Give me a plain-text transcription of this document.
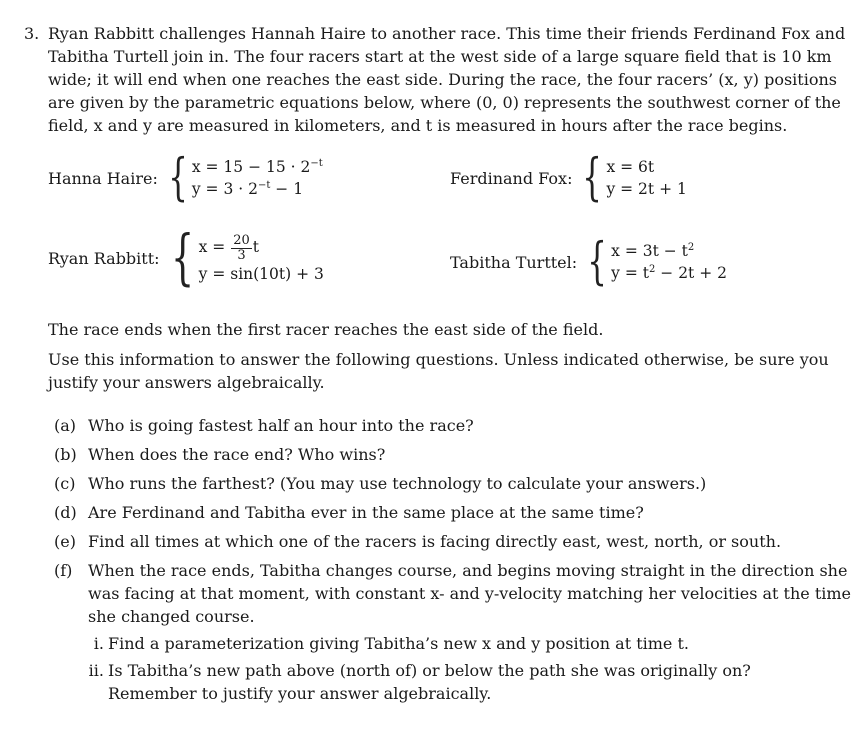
3. Ryan Rabbitt challenges Hannah Haire to another race. This time their friends Ferdinand Fox and
Tabitha Turtell join in. The four racers start at the west side of a large square field that is 10 km
wide; it will end when one reaches the east side. During the race, the four racers’ (x, y) positions
are given by the parametric equations below, where (0, 0) represents the southwest corner of the
field, x and y are measured in kilometers, and t is measured in hours after the race begins.
Hanna Haire: { $x = 15 - 15 \cdot 2^{-t}$
$y = 3 \cdot 2^{-t} - 1$
Ferdinand Fox: { x = 6t
y = 2t + 1
Ryan Rabbitt: { $x = \frac{20}{3}$ t
y = sin(10t) + 3
Tabitha Turttel: { $x = 3t - t^2$
$y = t^2 - 2t + 2$
The race ends when the first racer reaches the east side of the field.
Use this information to answer the following questions. Unless indicated otherwise, be sure you
justify your answers algebraically.
(a) Who is going fastest half an hour into the race?
(b) When does the race end? Who wins?
(c) Who runs the farthest? (You may use technology to calculate your answers.)
(d) Are Ferdinand and Tabitha ever in the same place at the same time?
(e) Find all times at which one of the racers is facing directly east, west, north, or south.
(f) When the race ends, Tabitha changes course, and begins moving straight in the direction she
was facing at that moment, with constant x- and y-velocity matching her velocities at the time
she changed course.
i. Find a parameterization giving Tabitha’s new x and y position at time t.
ii. Is Tabitha’s new path above (north of) or below the path she was originally on?
Remember to justify your answer algebraically.
